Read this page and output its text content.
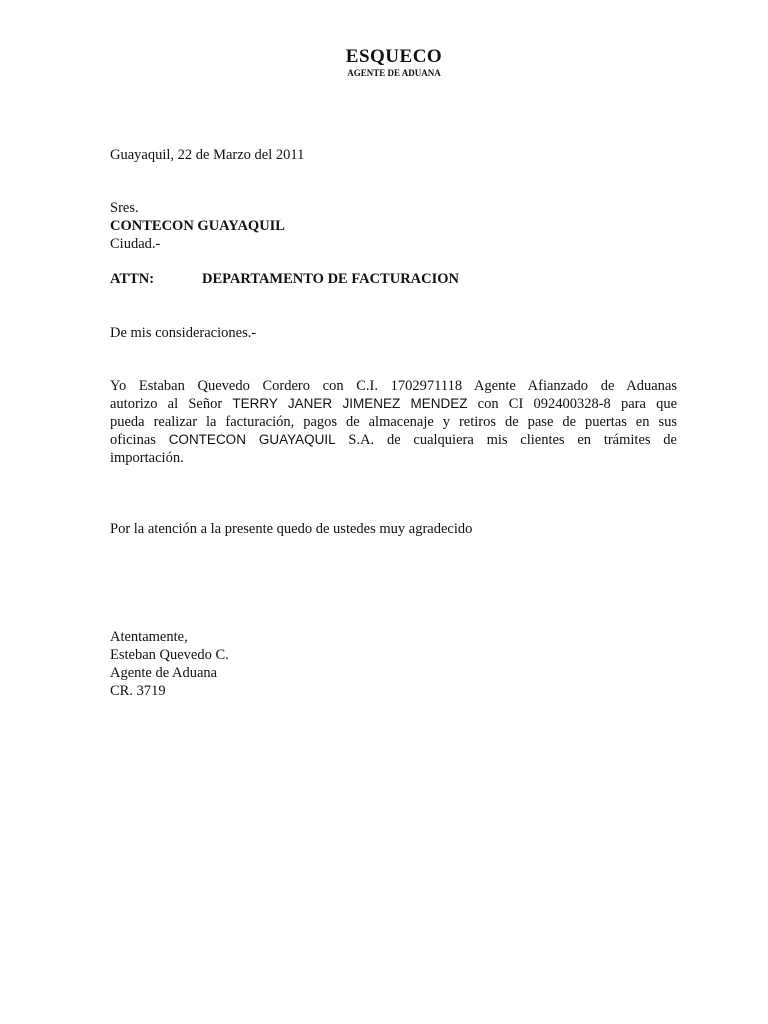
ESQUECO
AGENTE DE ADUANA
Guayaquil, 22 de Marzo del 2011
Sres.
CONTECON GUAYAQUIL
Ciudad.-
ATTN:	DEPARTAMENTO DE FACTURACION
De mis consideraciones.-
Yo Estaban Quevedo Cordero con C.I. 1702971118 Agente Afianzado de Aduanas
autorizo al Señor TERRY JANER JIMENEZ MENDEZ con CI 092400328-8 para que
pueda realizar la facturación, pagos de almacenaje y retiros de pase de puertas en sus
oficinas CONTECON GUAYAQUIL S.A. de cualquiera mis clientes en trámites de
importación.
Por la atención a la presente quedo de ustedes muy agradecido
Atentamente,
Esteban Quevedo C.
Agente de Aduana
CR. 3719
